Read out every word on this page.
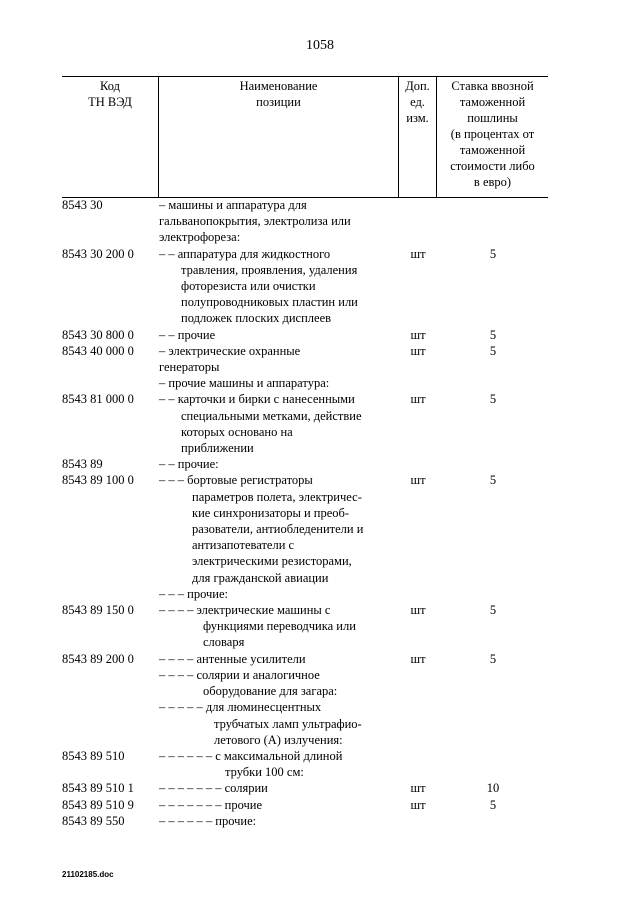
1058
Код
ТН ВЭД
Наименование
позиции
Доп.
ед.
изм.
Ставка ввозной
таможенной
пошлины
(в процентах от
таможенной
стоимости либо
в евро)
8543 30	– машины и аппаратура для
гальванопокрытия, электролиза или
электрофореза:
8543 30 200 0 – – аппаратура для жидкостного
травления, проявления, удаления
фоторезиста или очистки
полупроводниковых пластин или
подложек плоских дисплеев
шт	5
8543 30 800 0 – – прочие	шт	5
8543 40 000 0 – электрические охранные
генераторы
шт	5
– прочие машины и аппаратура:
8543 81 000 0 – – карточки и бирки с нанесенными
специальными метками, действие
которых основано на
приближении
шт	5
8543 89	– – прочие:
8543 89 100 0 – – – бортовые регистраторы
параметров полета, электричес-
кие синхронизаторы и преоб-
разователи, антиобледенители и
антизапотеватели с
электрическими резисторами,
для гражданской авиации
шт	5
– – – прочие:
8543 89 150 0 – – – – электрические машины с
функциями переводчика или
словаря
шт	5
8543 89 200 0 – – – – антенные усилители	шт	5
– – – – солярии и аналогичное
оборудование для загара:
– – – – – для люминесцентных
трубчатых ламп ультрафио-
летового (А) излучения:
8543 89 510	– – – – – – с максимальной длиной
трубки 100 см:
8543 89 510 1 – – – – – – – солярии	шт	10
8543 89 510 9 – – – – – – – прочие	шт	5
8543 89 550	– – – – – – прочие:
21102185.doc
